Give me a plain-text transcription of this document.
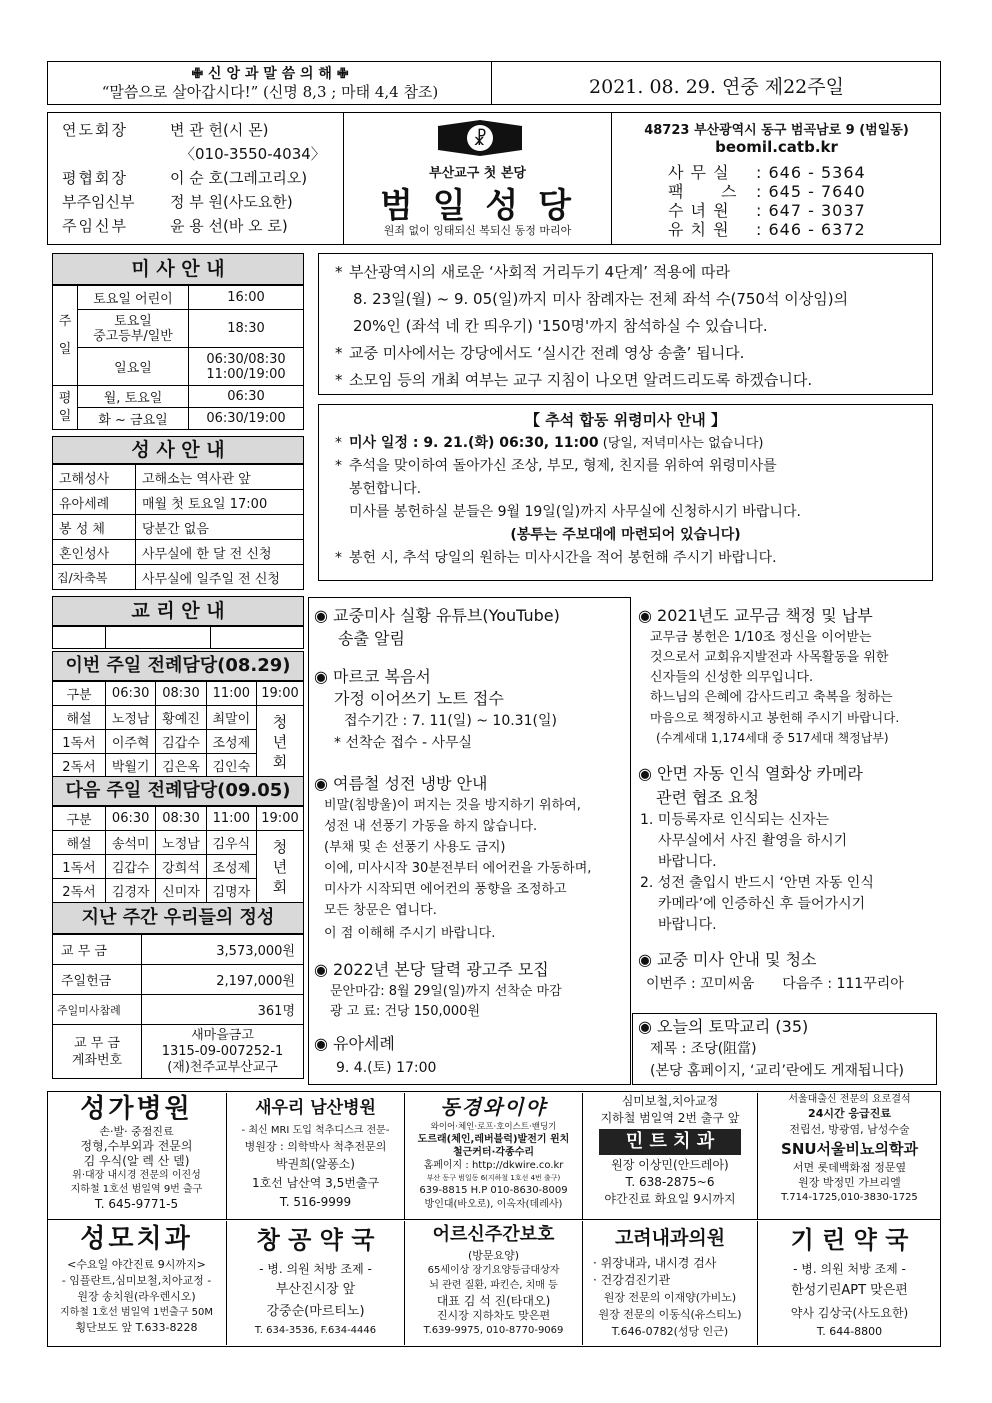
✙ 신 앙 과 말 씀 의 해 ✙
“말씀으로 살아갑시다!” (신명 8,3 ; 마태 4,4 참조)	2021. 08. 29. 연중 제22주일
연도회장	변 관 헌(시 몬)
〈010-3550-4034〉
평협회장	이 순 호(그레고리오)
부주임신부 정 부 원(사도요한)
주임신부	윤 용 선(바 오 로)
☧
부산교구 첫 본당
범 일 성 당
원죄 없이 잉태되신 복되신 동정 마리아
48723 부산광역시 동구 범곡남로 9 (범일동)
beomil.catb.kr
사 무 실 : 646 - 5364
팩      스 : 645 - 7640
수 녀 원 : 647 - 3037
유 치 원 : 646 - 6372
미 사 안 내
주

일	토요일 어린이	16:00
	토요일
중고등부/일반	18:30
	일요일	06:30/08:30
11:00/19:00
평
일	월, 토요일	06:30
	화 ~ 금요일	06:30/19:00
성 사 안 내
고해성사	고해소는 역사관 앞
유아세례	매월 첫 토요일 17:00
봉 성 체	당분간 없음
혼인성사	사무실에 한 달 전 신청
집/차축복	사무실에 일주일 전 신청
교 리 안 내

이번 주일 전례담당(08.29)
구분	06:30	08:30	11:00	19:00
해설	노정남	황예진	최말이	청
년
회
1독서	이주혁	김갑수	조성제	
2독서	박월기	김은옥	김인숙	
다음 주일 전례담당(09.05)
구분	06:30	08:30	11:00	19:00
해설	송석미	노정남	김우식	청
년
회
1독서	김갑수	강희석	조성제	
2독서	김경자	신미자	김명자	
지난 주간 우리들의 정성
교 무 금	3,573,000원
주일헌금	2,197,000원
주일미사참례	361명
교 무 금
계좌번호	새마을금고
1315-09-007252-1
(재)천주교부산교구
* 부산광역시의 새로운 ‘사회적 거리두기 4단계’ 적용에 따라
8. 23일(월) ~ 9. 05(일)까지 미사 참례자는 전체 좌석 수(750석 이상임)의
20%인 (좌석 네 칸 띄우기) '150명'까지 참석하실 수 있습니다.
* 교중 미사에서는 강당에서도 ‘실시간 전례 영상 송출’ 됩니다.
* 소모임 등의 개최 여부는 교구 지침이 나오면 알려드리도록 하겠습니다.
【 추석 합동 위령미사 안내 】
* 미사 일정 : 9. 21.(화) 06:30, 11:00 (당일, 저녁미사는 없습니다)
* 추석을 맞이하여 돌아가신 조상, 부모, 형제, 친지를 위하여 위령미사를
봉헌합니다.
미사를 봉헌하실 분들은 9월 19일(일)까지 사무실에 신청하시기 바랍니다.
(봉투는 주보대에 마련되어 있습니다)
* 봉헌 시, 추석 당일의 원하는 미사시간을 적어 봉헌해 주시기 바랍니다.
◉ 교중미사 실황 유튜브(YouTube)
송출 알림
◉ 마르코 복음서
가정 이어쓰기 노트 접수
접수기간 : 7. 11(일) ~ 10.31(일)
* 선착순 접수 - 사무실
◉ 여름철 성전 냉방 안내
비말(침방울)이 퍼지는 것을 방지하기 위하여,
성전 내 선풍기 가동을 하지 않습니다.
(부채 및 손 선풍기 사용도 금지)
이에, 미사시작 30분전부터 에어컨을 가동하며,
미사가 시작되면 에어컨의 풍향을 조정하고
모든 창문은 엽니다.
이 점 이해해 주시기 바랍니다.
◉ 2022년 본당 달력 광고주 모집
문안마감: 8월 29일(일)까지 선착순 마감
광 고 료: 건당 150,000원
◉ 유아세례
9. 4.(토) 17:00
◉ 2021년도 교무금 책정 및 납부
교무금 봉헌은 1/10조 정신을 이어받는
것으로서 교회유지발전과 사목활동을 위한
신자들의 신성한 의무입니다.
하느님의 은혜에 감사드리고 축복을 청하는
마음으로 책정하시고 봉헌해 주시기 바랍니다.
(수계세대 1,174세대 중 517세대 책정납부)
◉ 안면 자동 인식 열화상 카메라
관련 협조 요청
1. 미등록자로 인식되는 신자는
사무실에서 사진 촬영을 하시기
바랍니다.
2. 성전 출입시 반드시 ‘안면 자동 인식
카메라’에 인증하신 후 들어가시기
바랍니다.
◉ 교중 미사 안내 및 청소
이번주 : 꼬미씨움 다음주 : 111꾸리아
◉ 오늘의 토막교리 (35)
제목 : 조당(阻當)
(본당 홈페이지, ‘교리’란에도 게재됩니다)
성가병원
손·발· 중점진료
정형,수부외과 전문의
김 우식(알 렉 산 델)
위·대장 내시경 전문의 이진성
지하철 1호선 범일역 9번 출구
T. 645-9771-5
새우리 남산병원
- 최신 MRI 도입 척추디스크 전문-
병원장 : 의학박사 척추전문의
박권희(알퐁소)
1호선 남산역 3,5번출구
T. 516-9999
동경와이야
와이어·체인·로프·호이스트·밴딩기
도르래(체인,레버블럭)발전기 윈치
철근커터·각종수리
홈페이지 : http://dkwire.co.kr
부산 동구 범일동 6(지하철 1호선 4번 출구)
639-8815 H.P 010-8630-8009
방인대(바오로), 이옥자(데레사)
심미보철,치아교정
지하철 범일역 2번 출구 앞
민 트 치 과
원장 이상민(안드레아)
T. 638-2875~6
야간진료 화요일 9시까지
서울대출신 전문의 요로결석
24시간 응급진료
전립선, 방광염, 남성수술
SNU서울비뇨의학과
서면 롯데백화점 정문옆
원장 박정민 가브리엘
T.714-1725,010-3830-1725
성모치과
<수요일 야간진료 9시까지>
- 임플란트,심미보철,치아교정 -
원장 송치원(라우렌시오)
지하철 1호선 범일역 1번출구 50M
횡단보도 앞 T.633-8228
창 공 약 국
- 병. 의원 처방 조제 -
부산진시장 앞
강중순(마르티노)
T. 634-3536, F.634-4446
어르신주간보호
(방문요양)
65세이상 장기요양등급대상자
뇌 관련 질환, 파킨슨, 치매 등
대표 김 석 진(타대오)
진시장 지하차도 맞은편
T.639-9975, 010-8770-9069
고려내과의원
· 위장내과, 내시경 검사
· 건강검진기관
원장 전문의 이재양(가비노)
원장 전문의 이동식(유스티노)
T.646-0782(성당 인근)
기 린 약 국
- 병. 의원 처방 조제 -
한성기린APT 맞은편
약사 김상국(사도요한)
T. 644-8800
